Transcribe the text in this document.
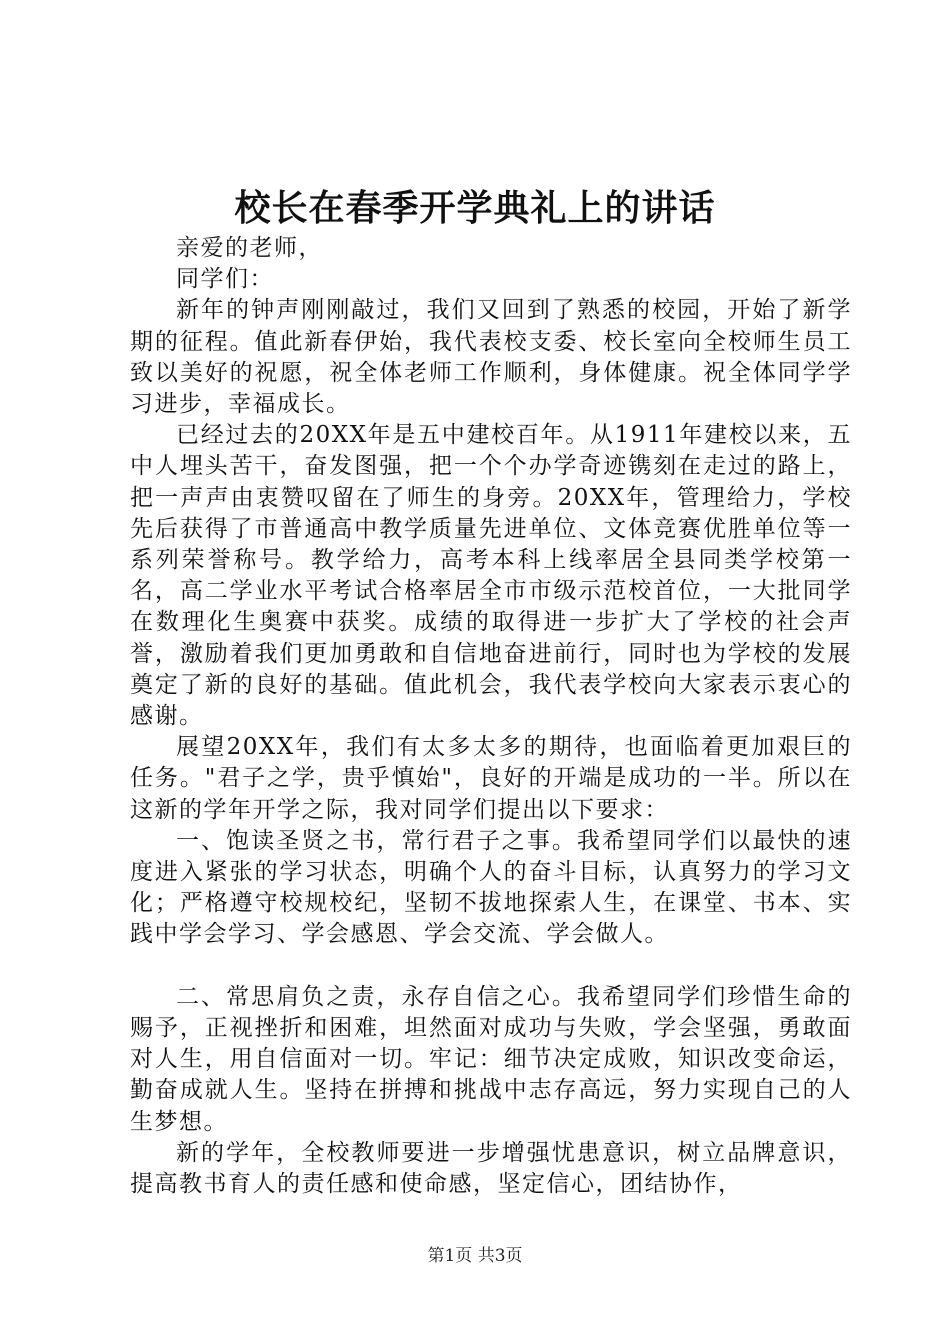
校长在春季开学典礼上的讲话

亲爱的老师，

同学们：

新年的钟声刚刚敲过，我们又回到了熟悉的校园，开始了新学期的征程。值此新春伊始，我代表校支委、校长室向全校师生员工致以美好的祝愿，祝全体老师工作顺利，身体健康。祝全体同学学习进步，幸福成长。

已经过去的20XX年是五中建校百年。从1911年建校以来，五中人埋头苦干，奋发图强，把一个个办学奇迹镌刻在走过的路上，把一声声由衷赞叹留在了师生的身旁。20XX年，管理给力，学校先后获得了市普通高中教学质量先进单位、文体竞赛优胜单位等一系列荣誉称号。教学给力，高考本科上线率居全县同类学校第一名，高二学业水平考试合格率居全市市级示范校首位，一大批同学在数理化生奥赛中获奖。成绩的取得进一步扩大了学校的社会声誉，激励着我们更加勇敢和自信地奋进前行，同时也为学校的发展奠定了新的良好的基础。值此机会，我代表学校向大家表示衷心的感谢。

展望20XX年，我们有太多太多的期待，也面临着更加艰巨的任务。"君子之学，贵乎慎始"，良好的开端是成功的一半。所以在这新的学年开学之际，我对同学们提出以下要求：

一、饱读圣贤之书，常行君子之事。我希望同学们以最快的速度进入紧张的学习状态，明确个人的奋斗目标，认真努力的学习文化；严格遵守校规校纪，坚韧不拔地探索人生，在课堂、书本、实践中学会学习、学会感恩、学会交流、学会做人。

二、常思肩负之责，永存自信之心。我希望同学们珍惜生命的赐予，正视挫折和困难，坦然面对成功与失败，学会坚强，勇敢面对人生，用自信面对一切。牢记：细节决定成败，知识改变命运，勤奋成就人生。坚持在拼搏和挑战中志存高远，努力实现自己的人生梦想。

新的学年，全校教师要进一步增强忧患意识，树立品牌意识，提高教书育人的责任感和使命感，坚定信心，团结协作，

第1页 共3页
